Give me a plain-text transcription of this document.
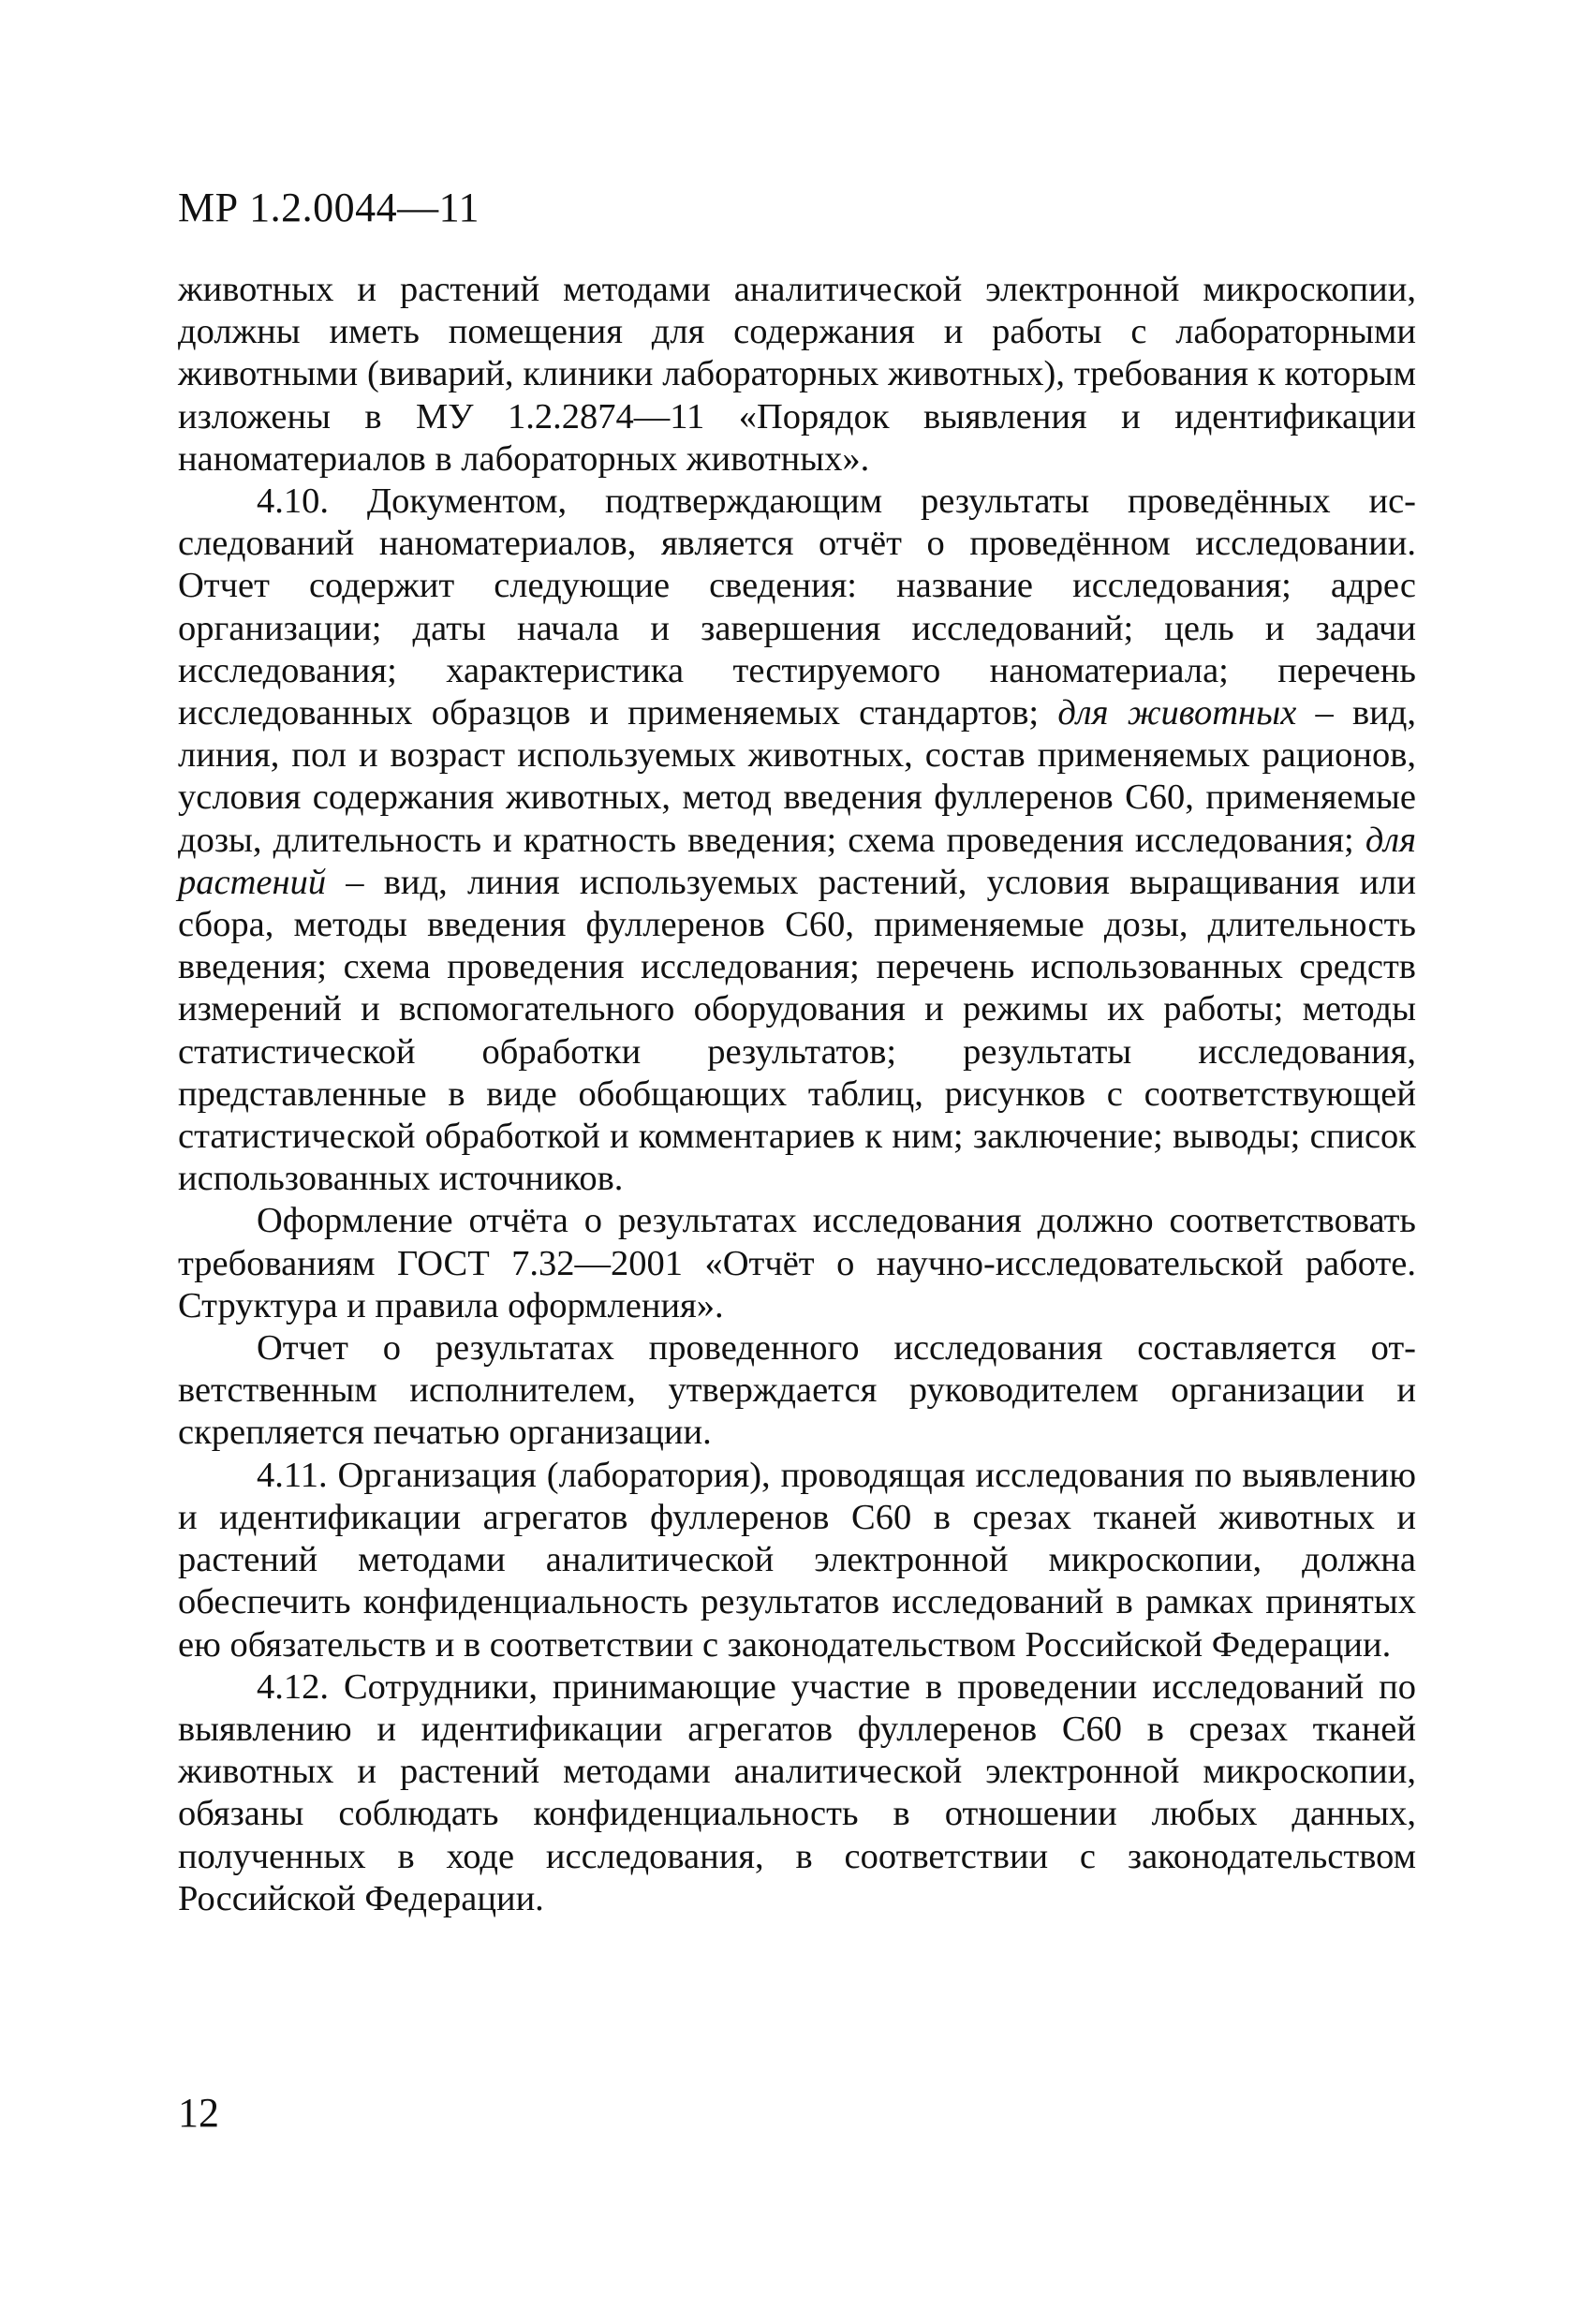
МР 1.2.0044—11

животных и растений методами аналитической электронной микроскопии, должны иметь помещения для содержания и работы с лабораторными животными (виварий, клиники лабораторных животных), требования к которым изложены в МУ 1.2.2874—11 «Порядок выявления и идентификации наноматериалов в лабораторных животных».

4.10. Документом, подтверждающим результаты проведённых исследований наноматериалов, является отчёт о проведённом исследовании. Отчет содержит следующие сведения: название исследования; адрес организации; даты начала и завершения исследований; цель и задачи исследования; характеристика тестируемого наноматериала; перечень исследованных образцов и применяемых стандартов; для животных – вид, линия, пол и возраст используемых животных, состав применяемых рационов, условия содержания животных, метод введения фуллеренов С60, применяемые дозы, длительность и кратность введения; схема проведения исследования; для растений – вид, линия используемых растений, условия выращивания или сбора, методы введения фуллеренов С60, применяемые дозы, длительность введения; схема проведения исследования; перечень использованных средств измерений и вспомогательного оборудования и режимы их работы; методы статистической обработки результатов; результаты исследования, представленные в виде обобщающих таблиц, рисунков с соответствующей статистической обработкой и комментариев к ним; заключение; выводы; список использованных источников.

Оформление отчёта о результатах исследования должно соответствовать требованиям ГОСТ 7.32—2001 «Отчёт о научно-исследовательской работе. Структура и правила оформления».

Отчет о результатах проведенного исследования составляется ответственным исполнителем, утверждается руководителем организации и скрепляется печатью организации.

4.11. Организация (лаборатория), проводящая исследования по выявлению и идентификации агрегатов фуллеренов С60 в срезах тканей животных и растений методами аналитической электронной микроскопии, должна обеспечить конфиденциальность результатов исследований в рамках принятых ею обязательств и в соответствии с законодательством Российской Федерации.

4.12. Сотрудники, принимающие участие в проведении исследований по выявлению и идентификации агрегатов фуллеренов С60 в срезах тканей животных и растений методами аналитической электронной микроскопии, обязаны соблюдать конфиденциальность в отношении любых данных, полученных в ходе исследования, в соответствии с законодательством Российской Федерации.

12
